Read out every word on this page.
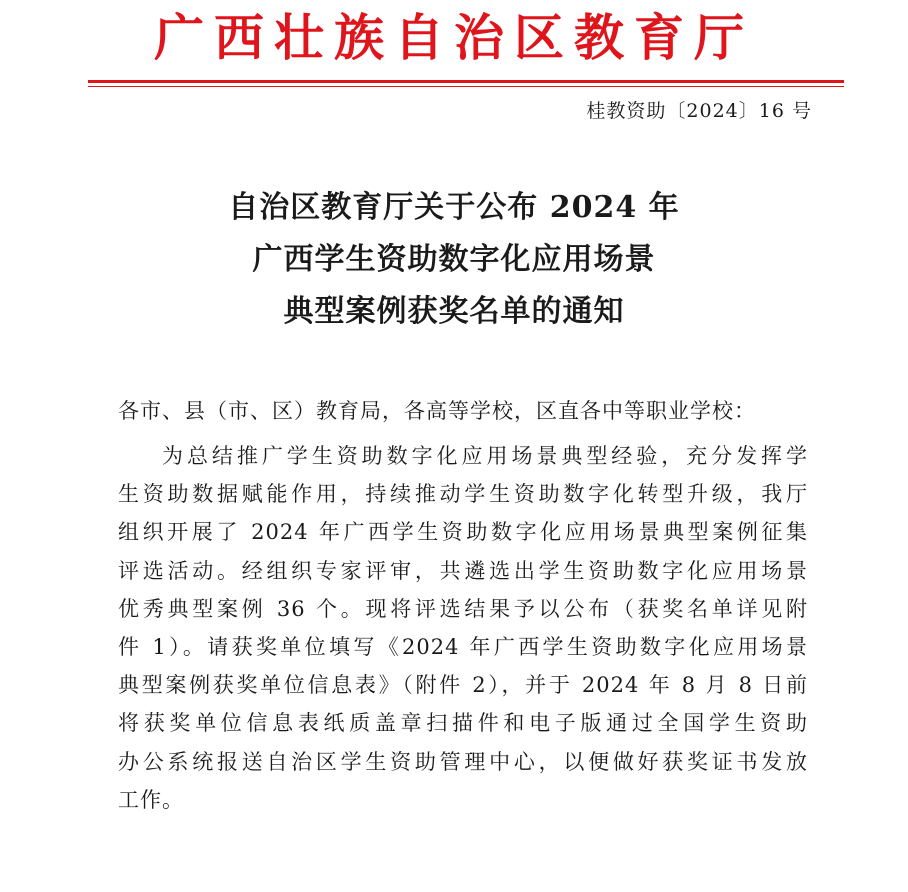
广西壮族自治区教育厅
桂教资助〔2024〕16 号
自治区教育厅关于公布 2024 年
广西学生资助数字化应用场景
典型案例获奖名单的通知
各市、县（市、区）教育局，各高等学校，区直各中等职业学校：
为总结推广学生资助数字化应用场景典型经验，充分发挥学
生资助数据赋能作用，持续推动学生资助数字化转型升级，我厅
组织开展了 2024 年广西学生资助数字化应用场景典型案例征集
评选活动。经组织专家评审，共遴选出学生资助数字化应用场景
优秀典型案例 36 个。现将评选结果予以公布（获奖名单详见附
件 1）。请获奖单位填写《2024 年广西学生资助数字化应用场景
典型案例获奖单位信息表》（附件 2），并于 2024 年 8 月 8 日前
将获奖单位信息表纸质盖章扫描件和电子版通过全国学生资助
办公系统报送自治区学生资助管理中心，以便做好获奖证书发放
工作。
